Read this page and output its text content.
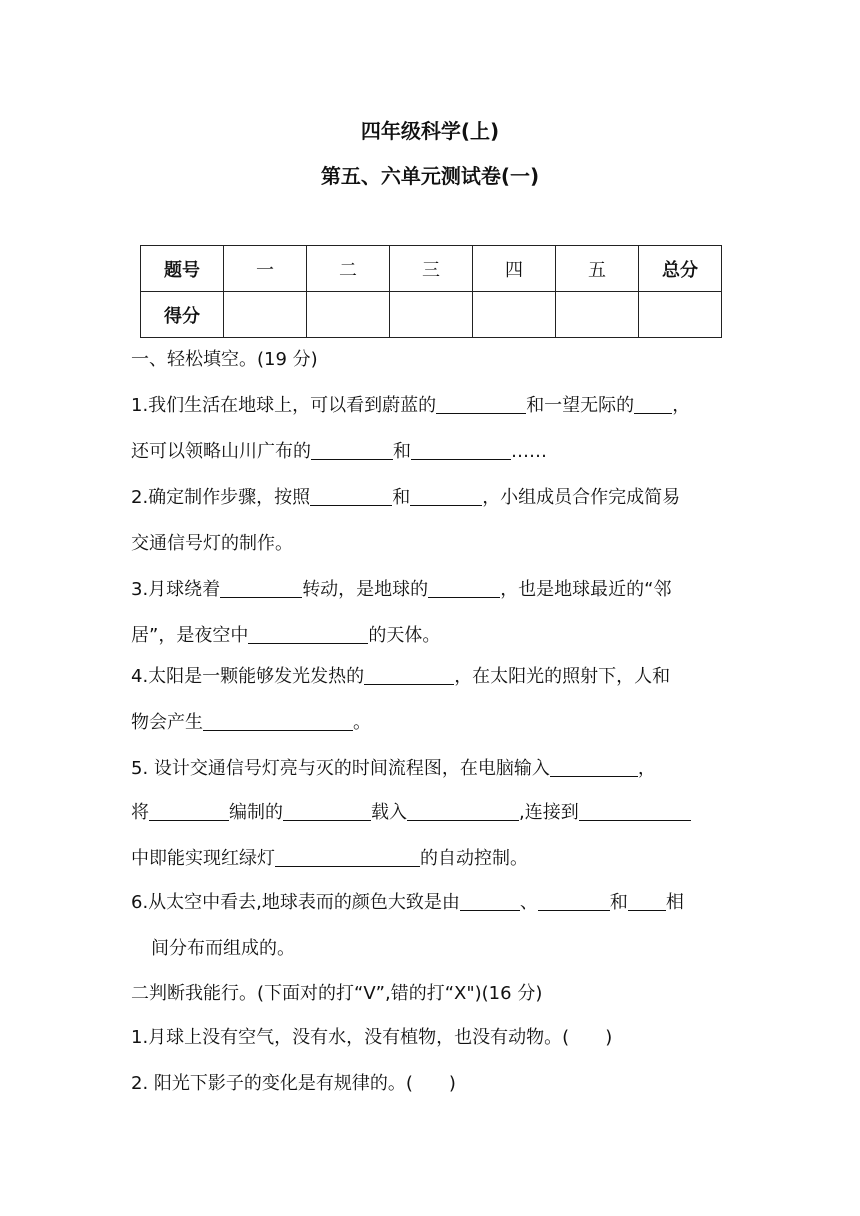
四年级科学(上)
第五、六单元测试卷(一)
题号	一	二	三	四	五	总分
得分						
一、轻松填空。(19 分)
1.我们生活在地球上，可以看到蔚蓝的	和一望无际的 ，
还可以领略山川广布的	和	……
2.确定制作步骤，按照	和	，小组成员合作完成简易
交通信号灯的制作。
3.月球绕着	转动，是地球的	，也是地球最近的“邻
居”，是夜空中	的天体。
4.太阳是一颗能够发光发热的	，在太阳光的照射下，人和
物会产生	。
5. 设计交通信号灯亮与灭的时间流程图，在电脑输入	，
将	编制的	载入	,连接到
中即能实现红绿灯	的自动控制。
6.从太空中看去,地球表而的颜色大致是由	、	和 相
间分布而组成的。
二判断我能行。(下面对的打“V”,错的打“X")(16 分)
1.月球上没有空气，没有水，没有植物，也没有动物。(　　)
2. 阳光下影子的变化是有规律的。(　　)
